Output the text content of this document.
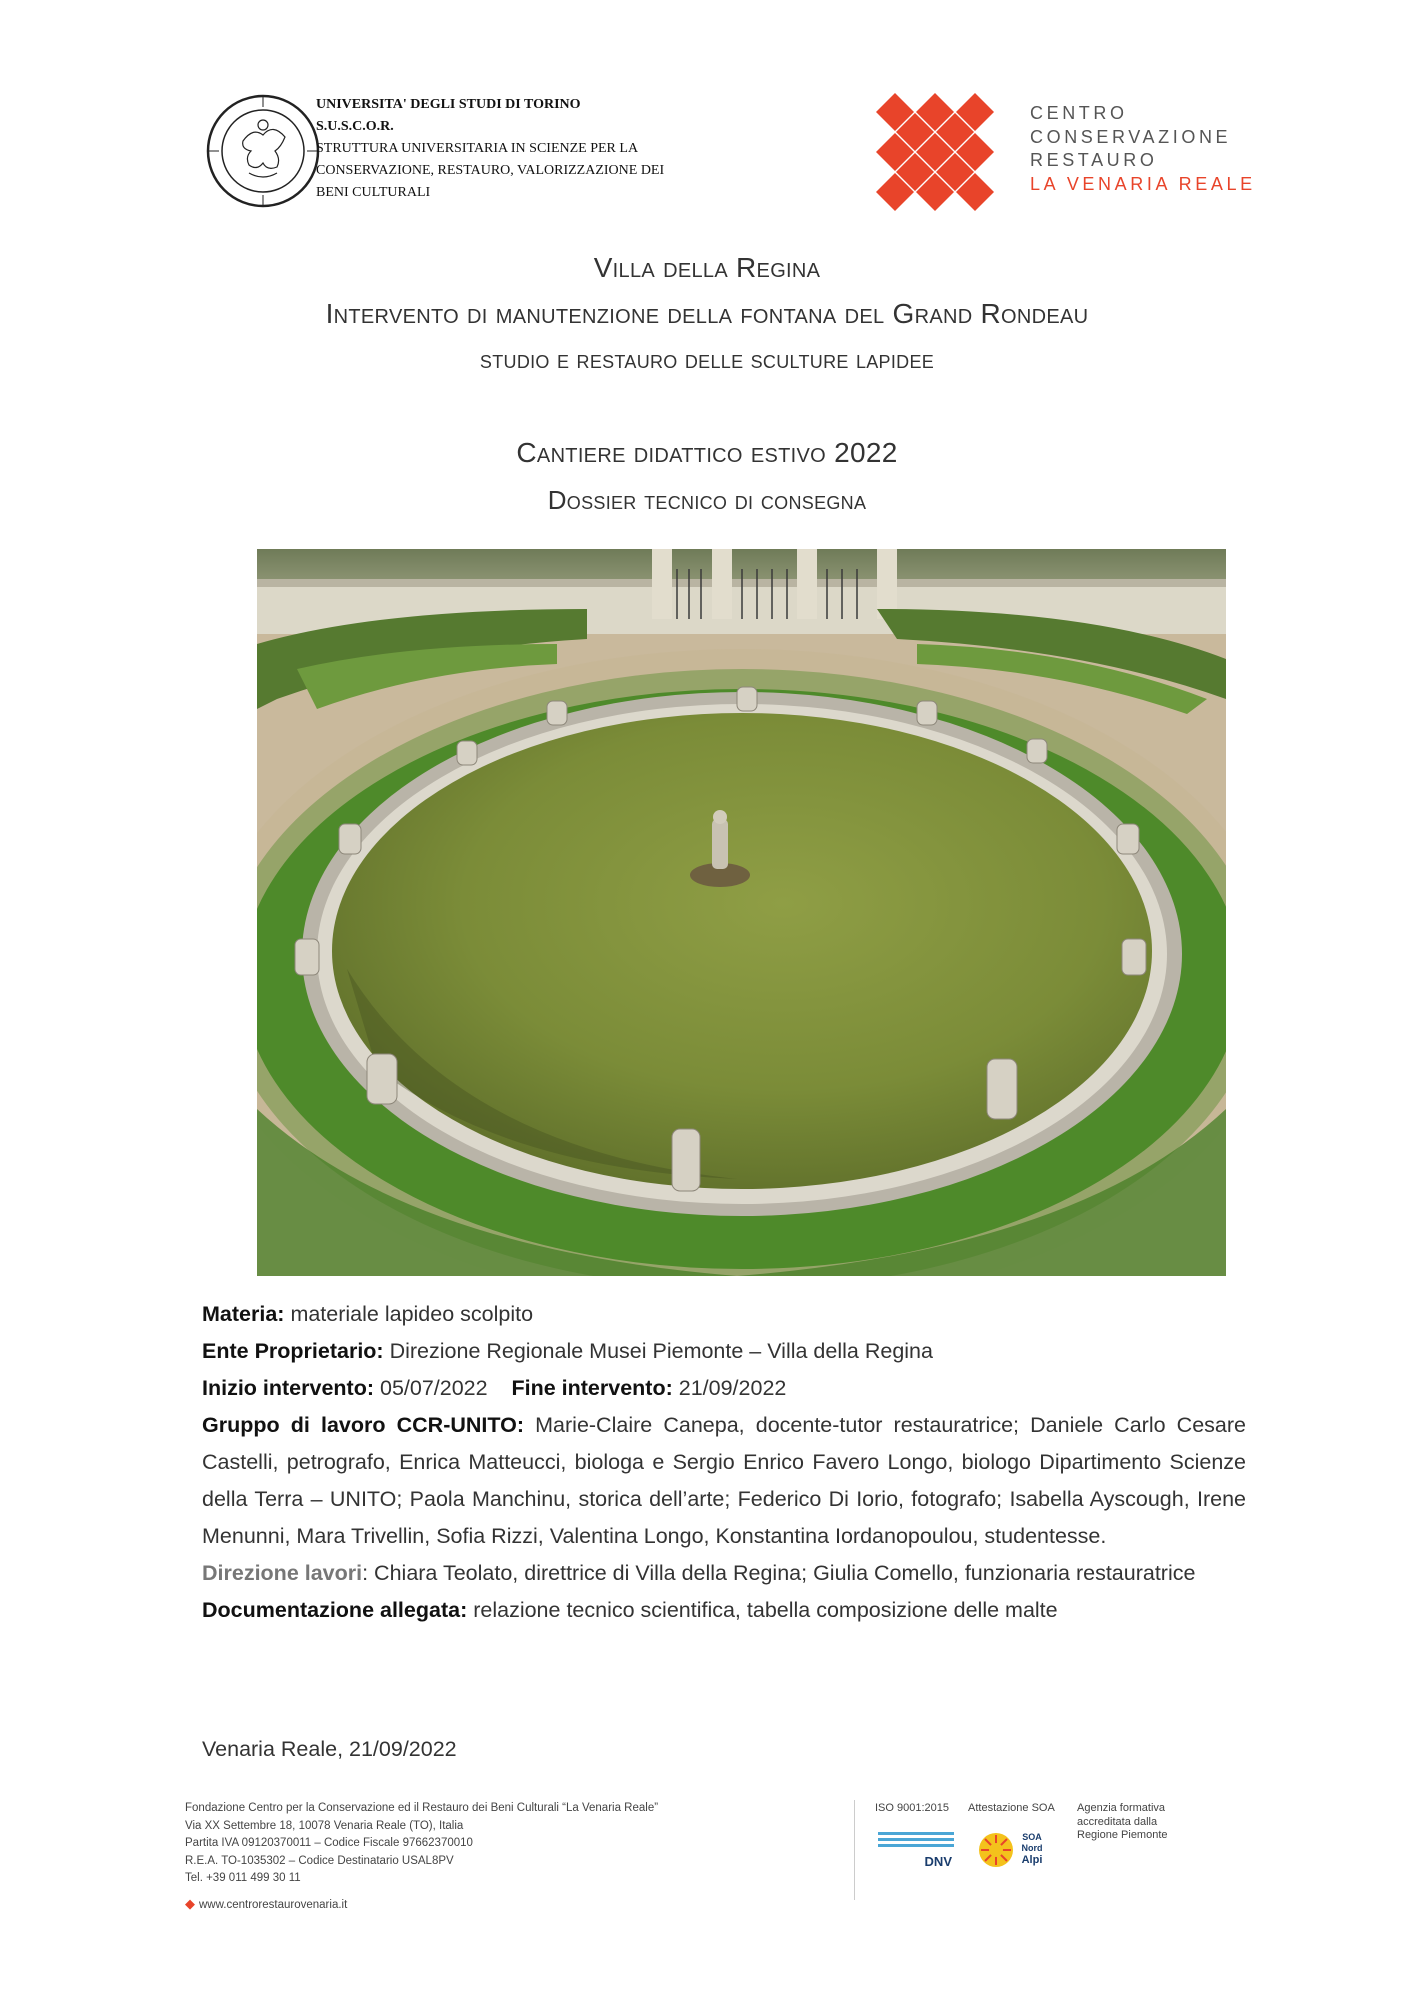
UNIVERSITA' DEGLI STUDI DI TORINO
S.U.S.C.O.R.
STRUTTURA UNIVERSITARIA IN SCIENZE PER LA
CONSERVAZIONE, RESTAURO, VALORIZZAZIONE DEI
BENI CULTURALI
CENTRO
CONSERVAZIONE
RESTAURO
LA VENARIA REALE
Villa della Regina
Intervento di manutenzione della fontana del Grand Rondeau
studio e restauro delle sculture lapidee
Cantiere didattico estivo 2022
Dossier tecnico di consegna

Materia: materiale lapideo scolpito

Ente Proprietario: Direzione Regionale Musei Piemonte – Villa della Regina

Inizio intervento: 05/07/2022 Fine intervento: 21/09/2022

Gruppo di lavoro CCR-UNITO: Marie-Claire Canepa, docente-tutor restauratrice; Daniele Carlo Cesare Castelli, petrografo, Enrica Matteucci, biologa e Sergio Enrico Favero Longo, biologo Dipartimento Scienze della Terra – UNITO; Paola Manchinu, storica dell’arte; Federico Di Iorio, fotografo; Isabella Ayscough, Irene Menunni, Mara Trivellin, Sofia Rizzi, Valentina Longo, Konstantina Iordanopoulou, studentesse.

Direzione lavori: Chiara Teolato, direttrice di Villa della Regina; Giulia Comello, funzionaria restauratrice

Documentazione allegata: relazione tecnico scientifica, tabella composizione delle malte

Venaria Reale, 21/09/2022
Fondazione Centro per la Conservazione ed il Restauro dei Beni Culturali “La Venaria Reale”
Via XX Settembre 18, 10078 Venaria Reale (TO), Italia
Partita IVA 09120370011 – Codice Fiscale 97662370010
R.E.A. TO-1035302 – Codice Destinatario USAL8PV
Tel. +39 011 499 30 11
◆ www.centrorestaurovenaria.it
ISO 9001:2015 Attestazione SOA Agenzia formativa accreditata dalla Regione Piemonte
DNV
SOA
Nord
Alpi
